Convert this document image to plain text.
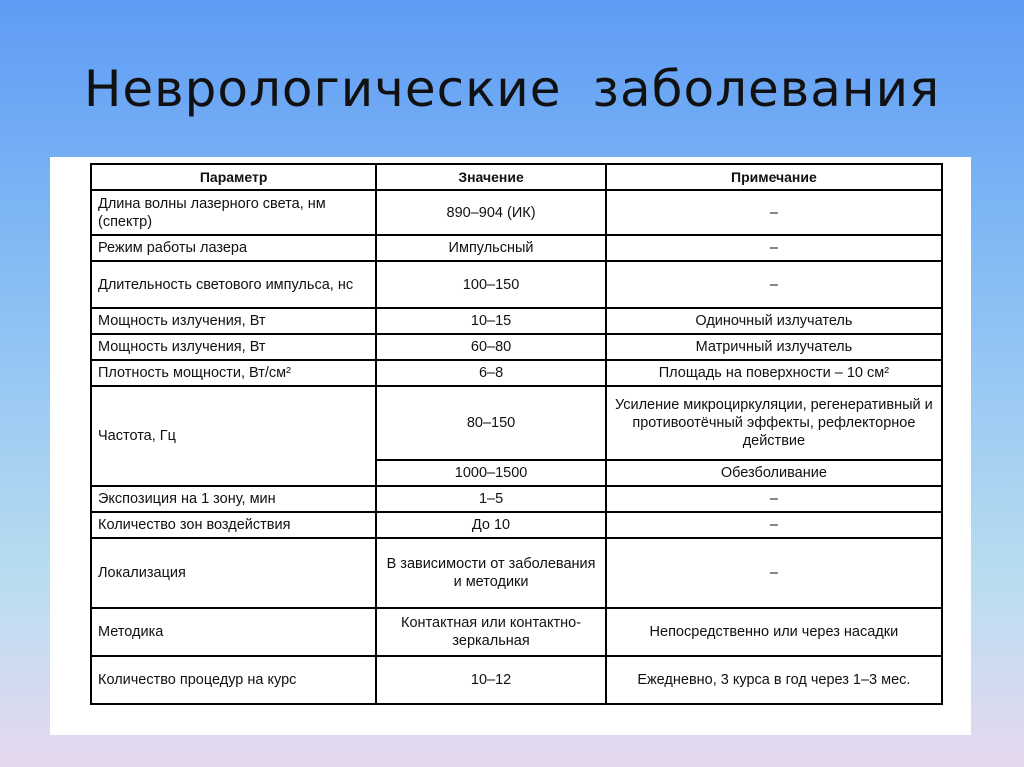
Неврологические заболевания
Параметр	Значение	Примечание
Длина волны лазерного света, нм (спектр)	890–904 (ИК)	–
Режим работы лазера	Импульсный	–
Длительность светового импульса, нс	100–150	–
Мощность излучения, Вт	10–15	Одиночный излучатель
Мощность излучения, Вт	60–80	Матричный излучатель
Плотность мощности, Вт/см²	6–8	Площадь на поверхности – 10 см²
Частота, Гц	80–150	Усиление микроциркуляции, регенеративный и противоотёчный эффекты, рефлекторное действие
	1000–1500	Обезболивание
Экспозиция на 1 зону, мин	1–5	–
Количество зон воздействия	До 10	–
Локализация	В зависимости от заболевания и методики	–
Методика	Контактная или контактно-зеркальная	Непосредственно или через насадки
Количество процедур на курс	10–12	Ежедневно, 3 курса в год через 1–3 мес.
